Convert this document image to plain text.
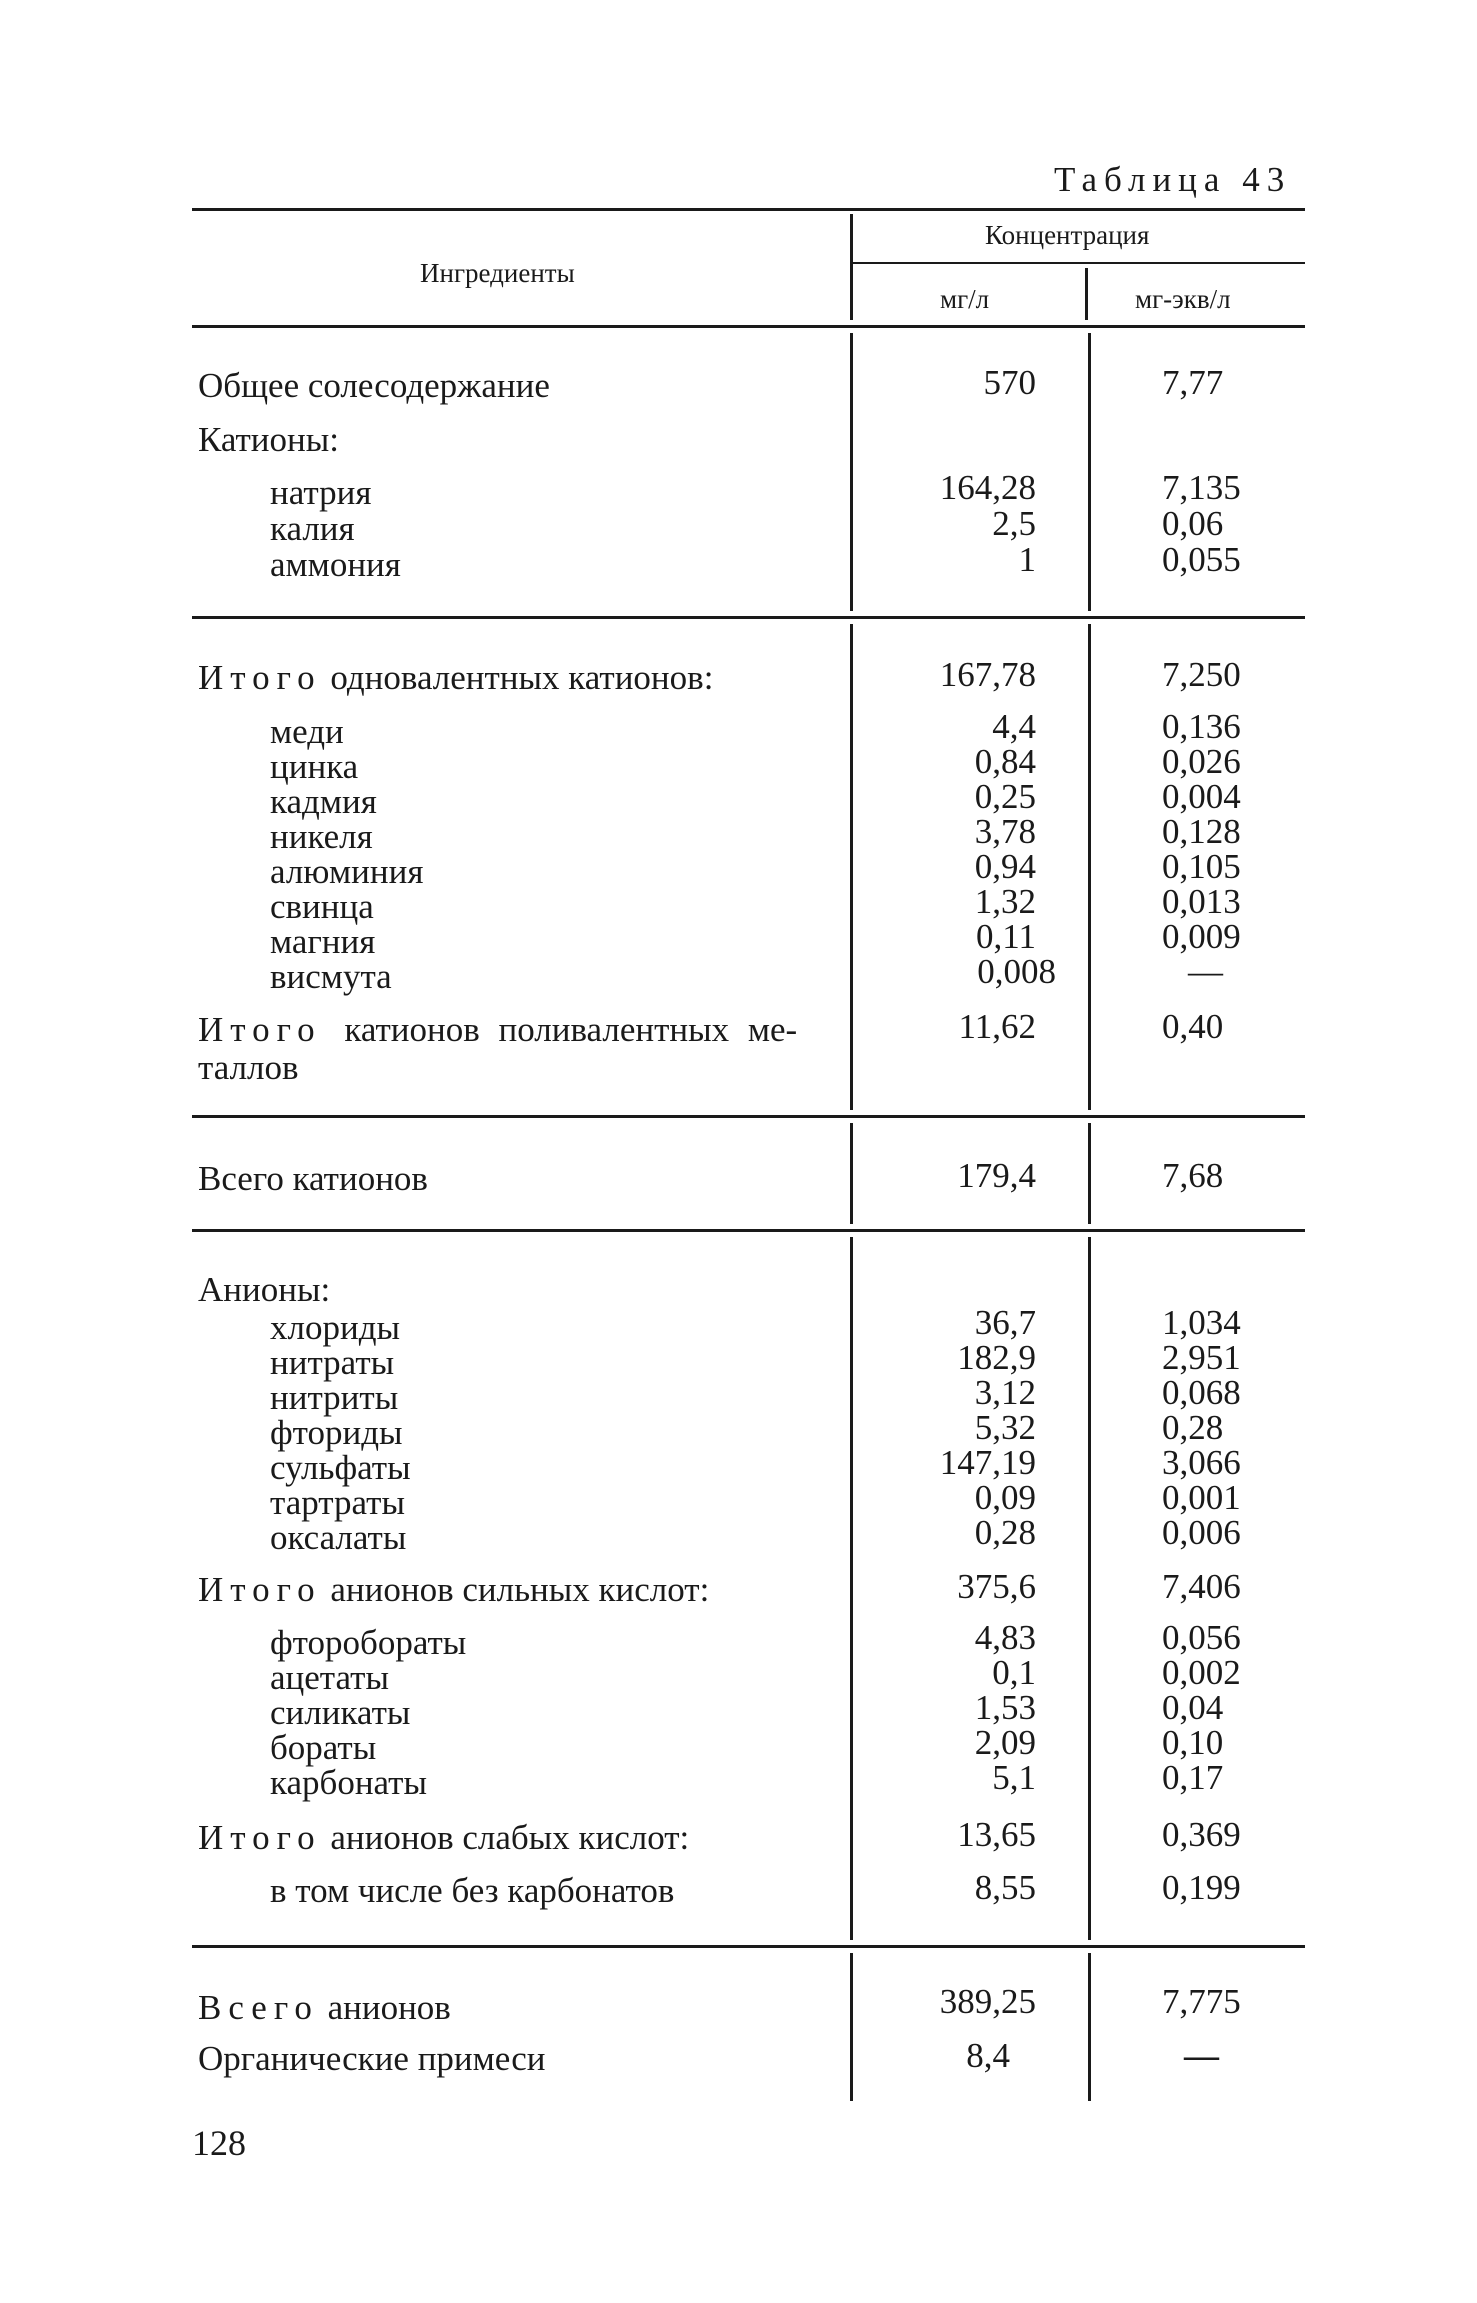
Таблица 43
Ингредиенты
Концентрация
мг/л	мг-экв/л
Общее солесодержание	570	7,77
Катионы:
натрия	164,28	7,135
калия	2,5	0,06
аммония	1	0,055
Итого одновалентных катионов:	167,78	7,250
меди	4,4	0,136
цинка	0,84	0,026
кадмия	0,25	0,004
никеля	3,78	0,128
алюминия	0,94	0,105
свинца	1,32	0,013
магния	0,11	0,009
висмута	0,008	—
Итого катионов поливалентных ме-
таллов
11,62	0,40
Всего катионов	179,4	7,68
Анионы:
хлориды	36,7	1,034
нитраты	182,9	2,951
нитриты	3,12	0,068
фториды	5,32	0,28
сульфаты	147,19	3,066
тартраты	0,09	0,001
оксалаты	0,28	0,006
Итого анионов сильных кислот:	375,6	7,406
фторобораты	4,83	0,056
ацетаты	0,1	0,002
силикаты	1,53	0,04
бораты	2,09	0,10
карбонаты	5,1	0,17
Итого анионов слабых кислот:	13,65	0,369
в том числе без карбонатов	8,55	0,199
Всего анионов	389,25	7,775
Органические примеси	8,4	—
128
